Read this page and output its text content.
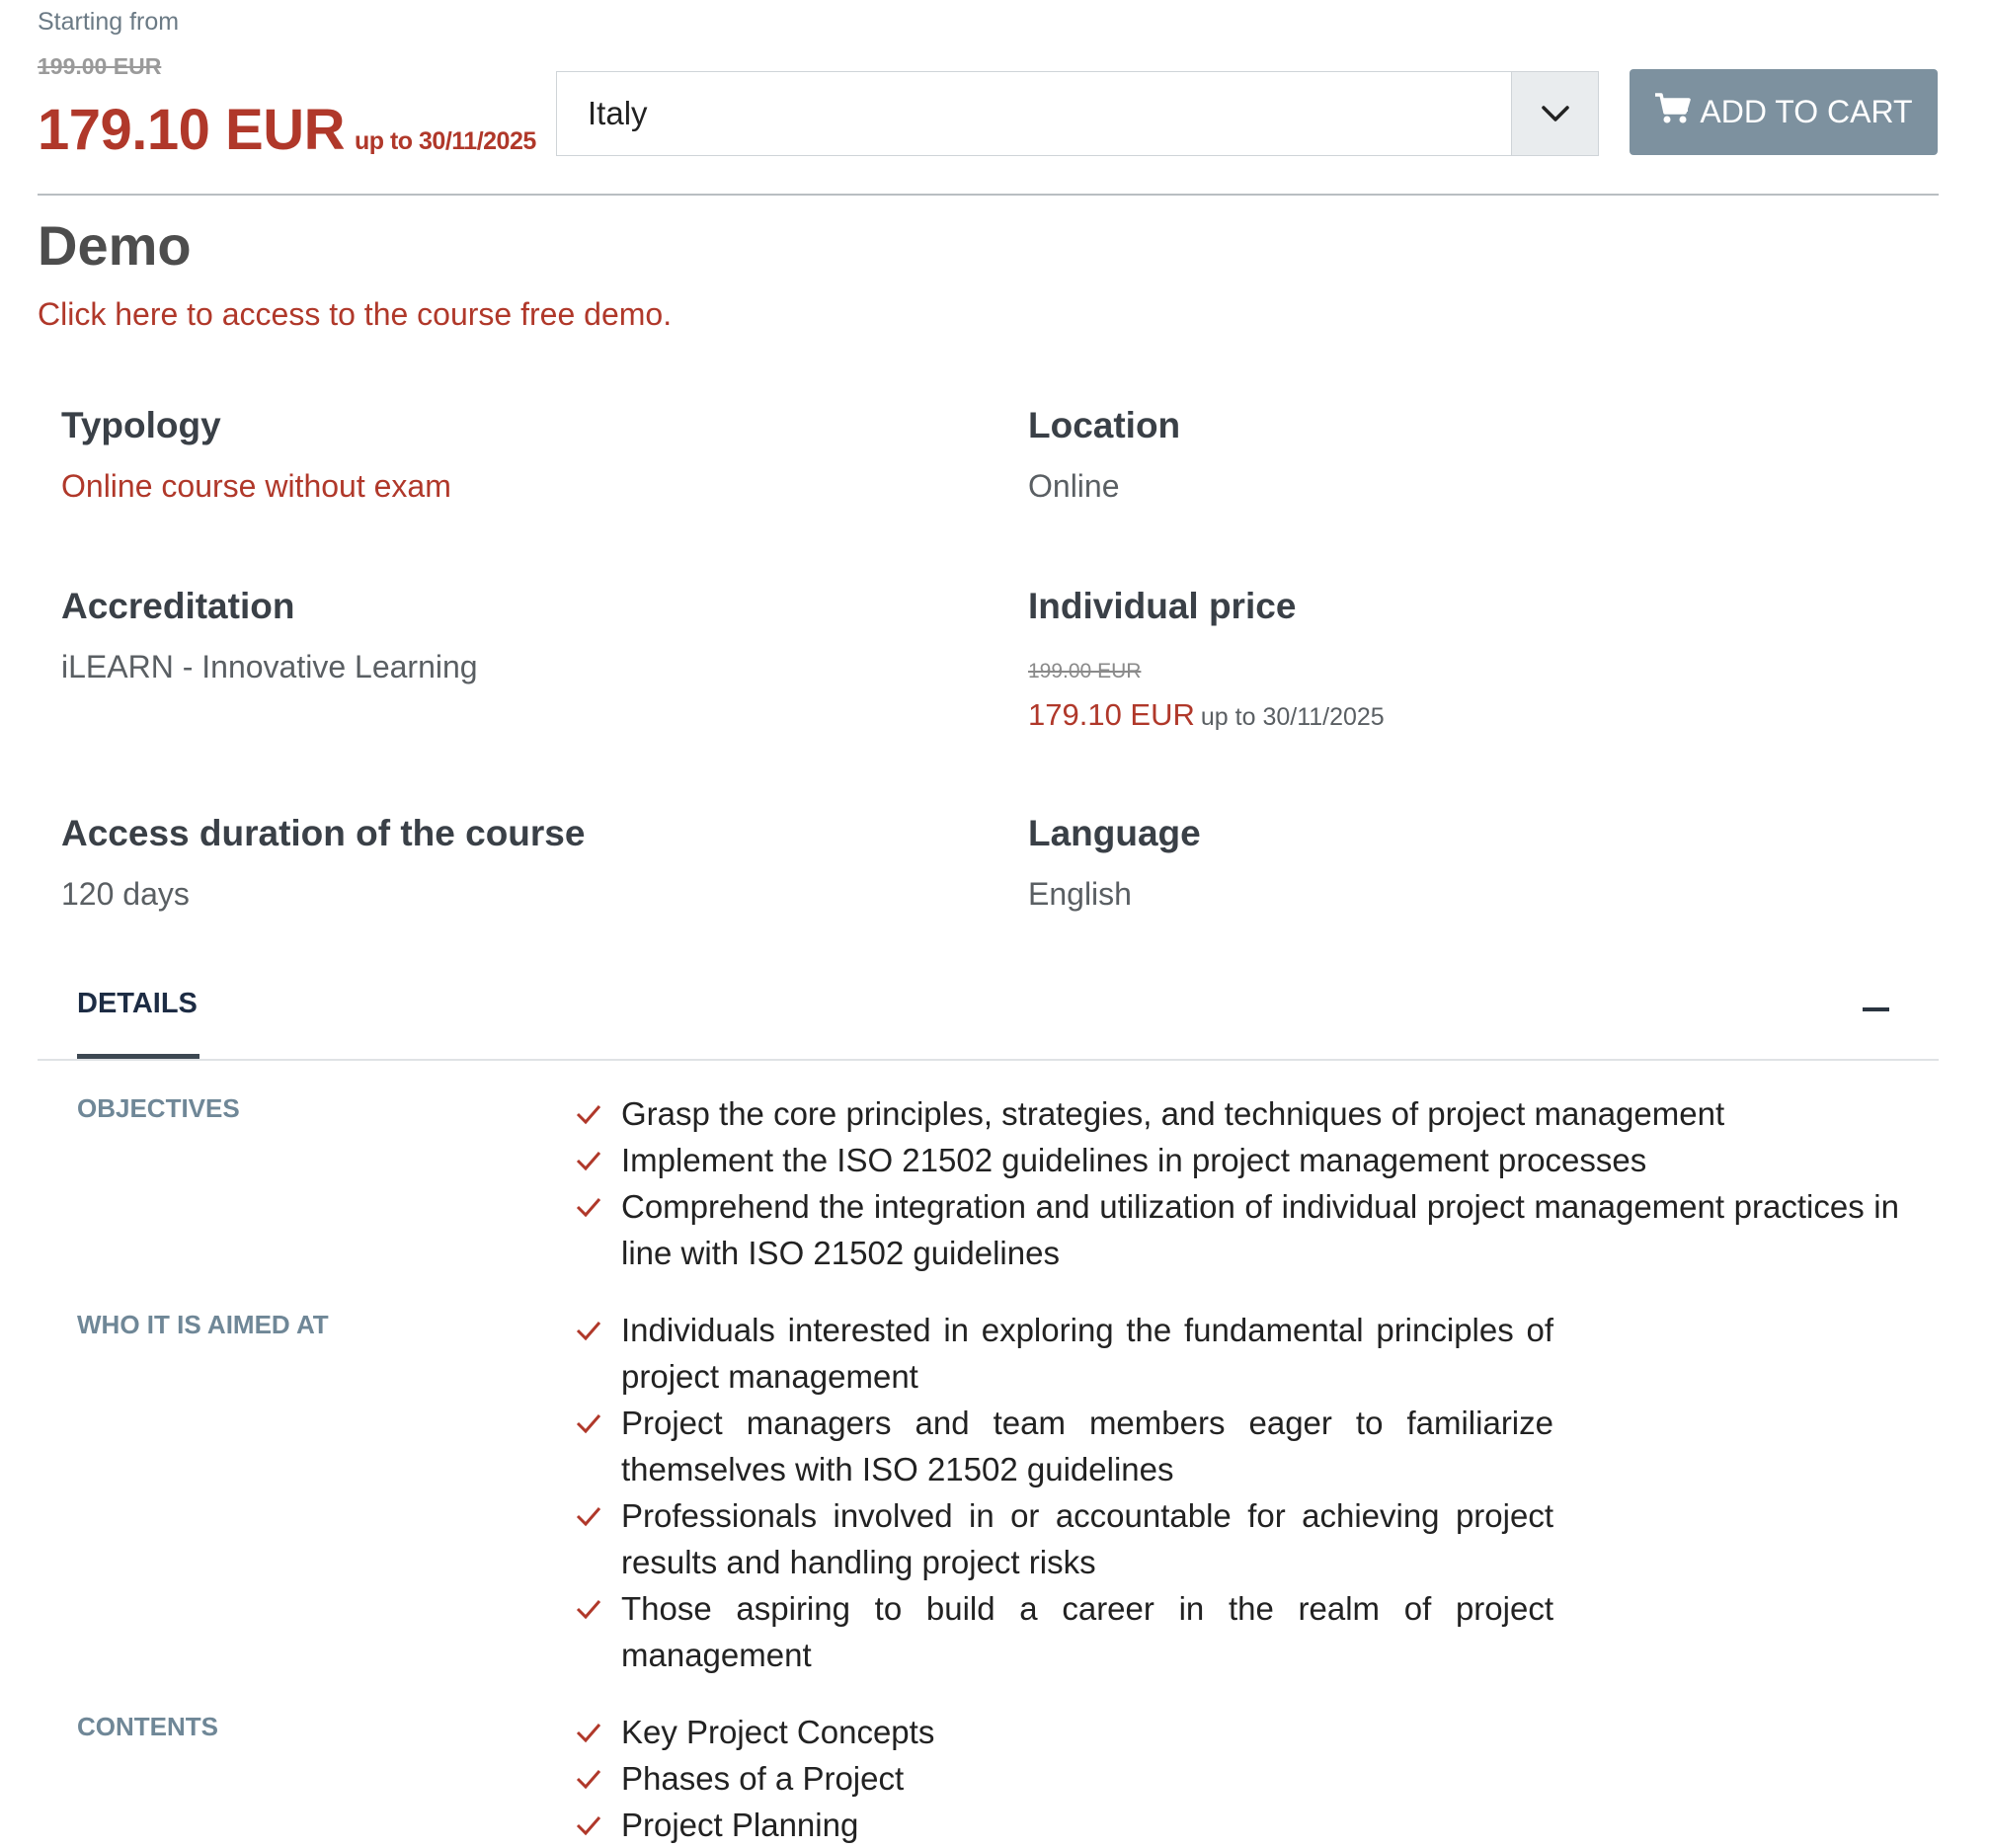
Starting from
199.00 EUR
179.10 EUR up to 30/11/2025
Italy	ADD TO CART
Demo
Click here to access to the course free demo.
Typology
Online course without exam
Location
Online
Accreditation
iLEARN - Innovative Learning
Individual price
199.00 EUR
179.10 EUR up to 30/11/2025
Access duration of the course
120 days
Language
English
DETAILS
OBJECTIVES	Grasp the core principles, strategies, and techniques of project management
Implement the ISO 21502 guidelines in project management processes
Comprehend the integration and utilization of individual project management practices in line with ISO 21502 guidelines
WHO IT IS AIMED AT	Individuals interested in exploring the fundamental principles of project management
Project managers and team members eager to familiarize themselves with ISO 21502 guidelines
Professionals involved in or accountable for achieving project results and handling project risks
Those aspiring to build a career in the realm of project management
CONTENTS	Key Project Concepts
Phases of a Project
Project Planning
